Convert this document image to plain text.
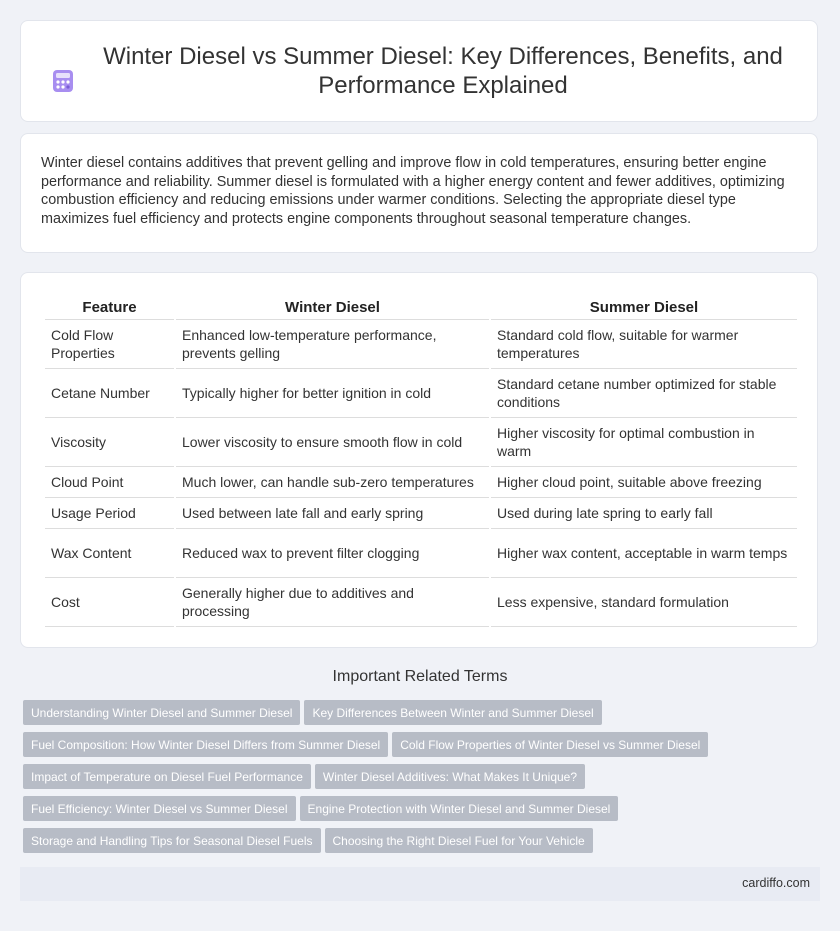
Winter Diesel vs Summer Diesel: Key Differences, Benefits, and Performance Explained

Winter diesel contains additives that prevent gelling and improve flow in cold temperatures, ensuring better engine performance and reliability. Summer diesel is formulated with a higher energy content and fewer additives, optimizing combustion efficiency and reducing emissions under warmer conditions. Selecting the appropriate diesel type maximizes fuel efficiency and protects engine components throughout seasonal temperature changes.

Feature	Winter Diesel	Summer Diesel
Cold Flow Properties	Enhanced low-temperature performance, prevents gelling	Standard cold flow, suitable for warmer temperatures
Cetane Number	Typically higher for better ignition in cold	Standard cetane number optimized for stable conditions
Viscosity	Lower viscosity to ensure smooth flow in cold	Higher viscosity for optimal combustion in warm
Cloud Point	Much lower, can handle sub-zero temperatures	Higher cloud point, suitable above freezing
Usage Period	Used between late fall and early spring	Used during late spring to early fall
Wax Content	Reduced wax to prevent filter clogging	Higher wax content, acceptable in warm temps
Cost	Generally higher due to additives and processing	Less expensive, standard formulation
Important Related Terms
Understanding Winter Diesel and Summer Diesel Key Differences Between Winter and Summer Diesel
Fuel Composition: How Winter Diesel Differs from Summer Diesel Cold Flow Properties of Winter Diesel vs Summer Diesel
Impact of Temperature on Diesel Fuel Performance Winter Diesel Additives: What Makes It Unique?
Fuel Efficiency: Winter Diesel vs Summer Diesel Engine Protection with Winter Diesel and Summer Diesel
Storage and Handling Tips for Seasonal Diesel Fuels Choosing the Right Diesel Fuel for Your Vehicle
cardiffo.com
